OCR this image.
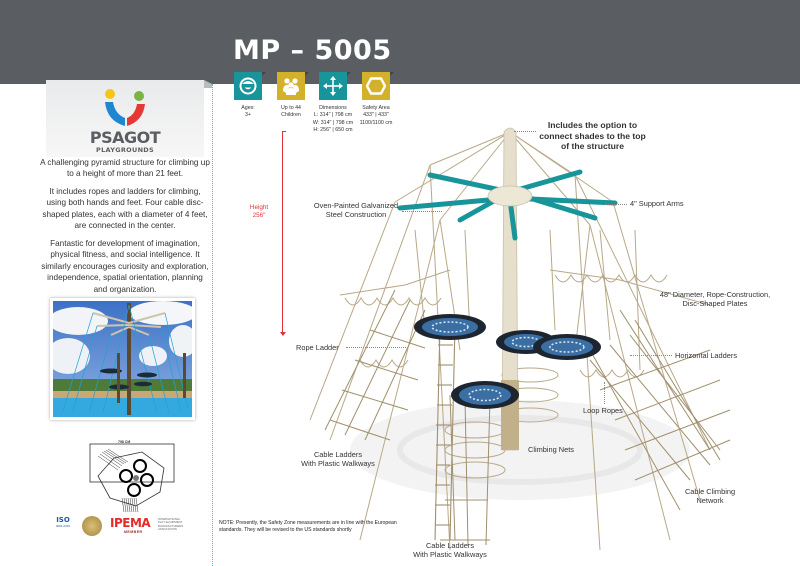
MP – 5005
PSAGOT
PLAYGROUNDS

A challenging pyramid structure for climbing up to a height of more than 21 feet.

It includes ropes and ladders for climbing, using both hands and feet. Four cable disc-shaped plates, each with a diameter of 4 feet, are connected in the center.

Fantastic for development of imagination, physical fitness, and social intelligence. It similarly encourages curiosity and exploration, independence, spatial orientation, planning and organization.

798 CM
ISO
9001:2015	IPEMA
MEMBER
INTERNATIONAL PLAY EQUIPMENT MANUFACTURERS ASSOCIATION
Ages:
3+
Up to 44
Children
Dimensions
L: 314" | 798 cm
W: 314" | 798 cm
H: 256" | 650 cm
Safety Area
433" | 433"
1100/1100 cm
Height
256"
Includes the option to
connect shades to the top
of the structure
Oven-Painted Galvanized
Steel Construction
4" Support Arms
48" Diameter, Rope-Construction,
Disc-Shaped Plates
Rope Ladder
Horizontal Ladders
Loop Ropes
Cable Ladders
With Plastic Walkways
Climbing Nets
Cable Climbing
Network
Cable Ladders
With Plastic Walkways
NOTE: Presently, the Safety Zone measurements are in line with the European standards. They will be revised to the US standards shortly
